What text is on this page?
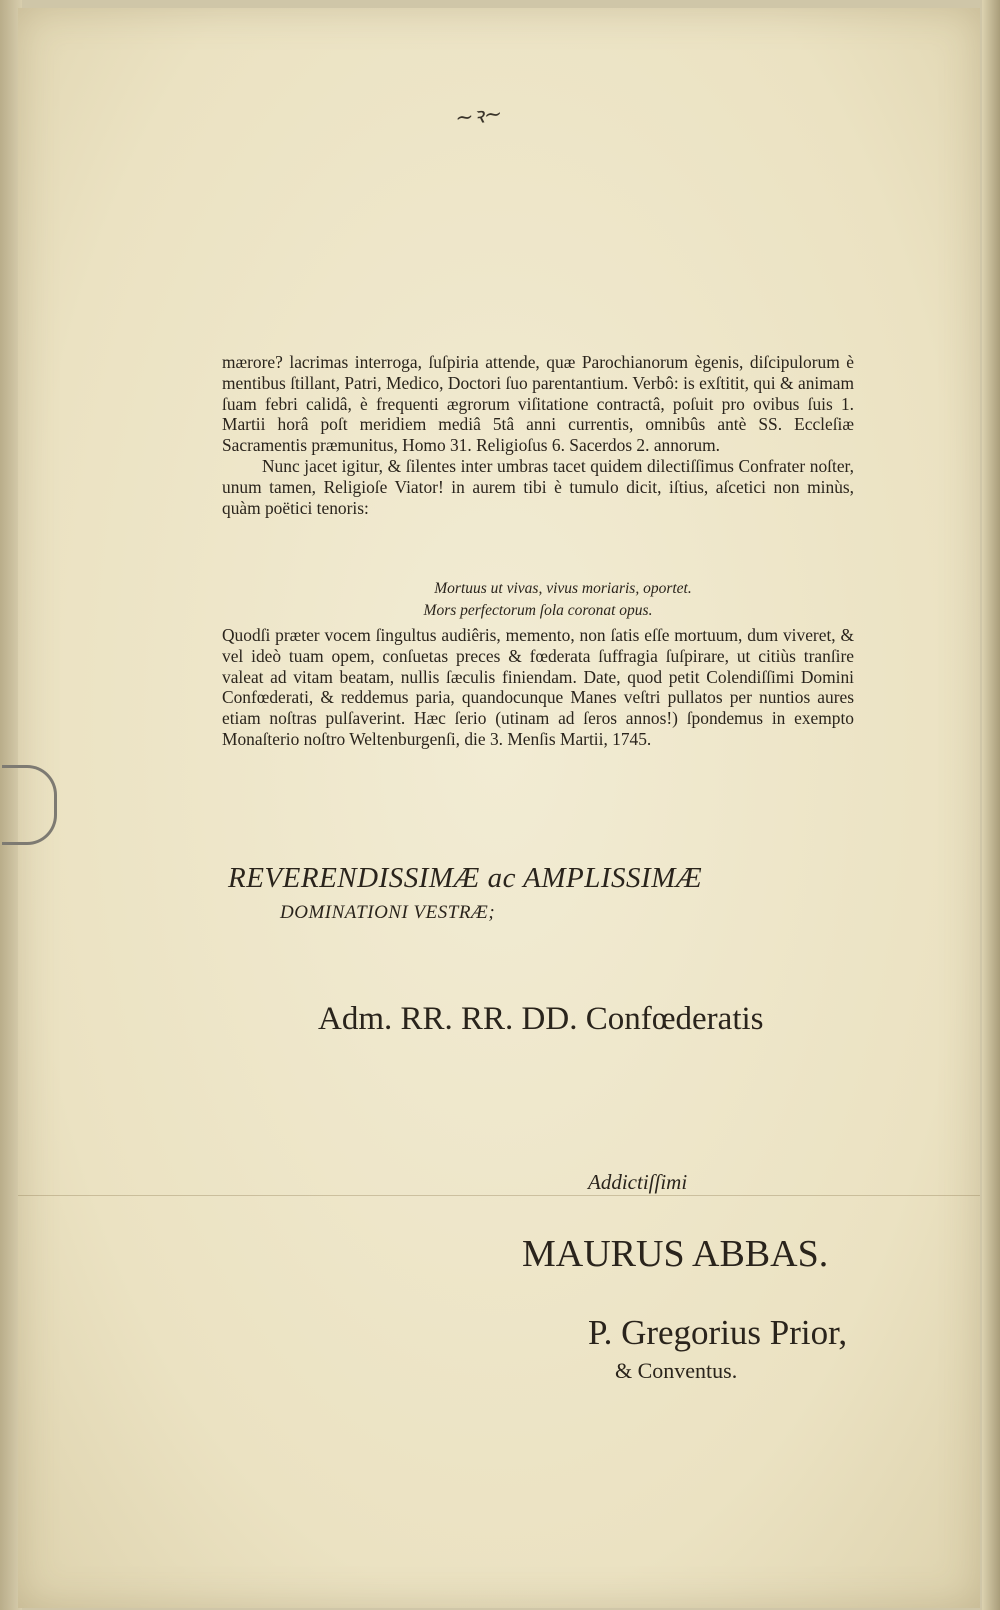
~ꝛ~

mærore? lacrimas interroga, ſuſpiria attende, quæ Parochianorum ègenis, diſcipulorum è mentibus ſtillant, Patri, Medico, Doctori ſuo parentantium. Verbô: is exſtitit, qui & animam ſuam febri calidâ, è frequenti ægrorum viſitatione contractâ, poſuit pro ovibus ſuis 1. Martii horâ poſt meridiem mediâ 5tâ anni currentis, omnibûs antè SS. Eccleſiæ Sacramentis præmunitus, Homo 31. Religioſus 6. Sacerdos 2. annorum.

Nunc jacet igitur, & ſilentes inter umbras tacet quidem dilectiſſimus Confrater noſter, unum tamen, Religioſe Viator! in aurem tibi è tumulo dicit, iſtius, aſcetici non minùs, quàm poëtici tenoris:

Mortuus ut vivas, vivus moriaris, oportet.
Mors perfectorum ſola coronat opus.
Quodſi præter vocem ſingultus audiêris, memento, non ſatis eſſe mortuum, dum viveret, & vel ideò tuam opem, conſuetas preces & fœderata ſuffragia ſuſpirare, ut citiùs tranſire valeat ad vitam beatam, nullis ſæculis finiendam. Date, quod petit Colendiſſimi Domini Confœderati, & reddemus paria, quandocunque Manes veſtri pullatos per nuntios aures etiam noſtras pulſaverint. Hæc ſerio (utinam ad ſeros annos!) ſpondemus in exempto Monaſterio noſtro Weltenburgenſi, die 3. Menſis Martii, 1745.
REVERENDISSIMÆ ac AMPLISSIMÆ
DOMINATIONI VESTRÆ;
Adm. RR. RR. DD. Confœderatis
Addictiſſimi
MAURUS ABBAS.
P. Gregorius Prior,
& Conventus.
